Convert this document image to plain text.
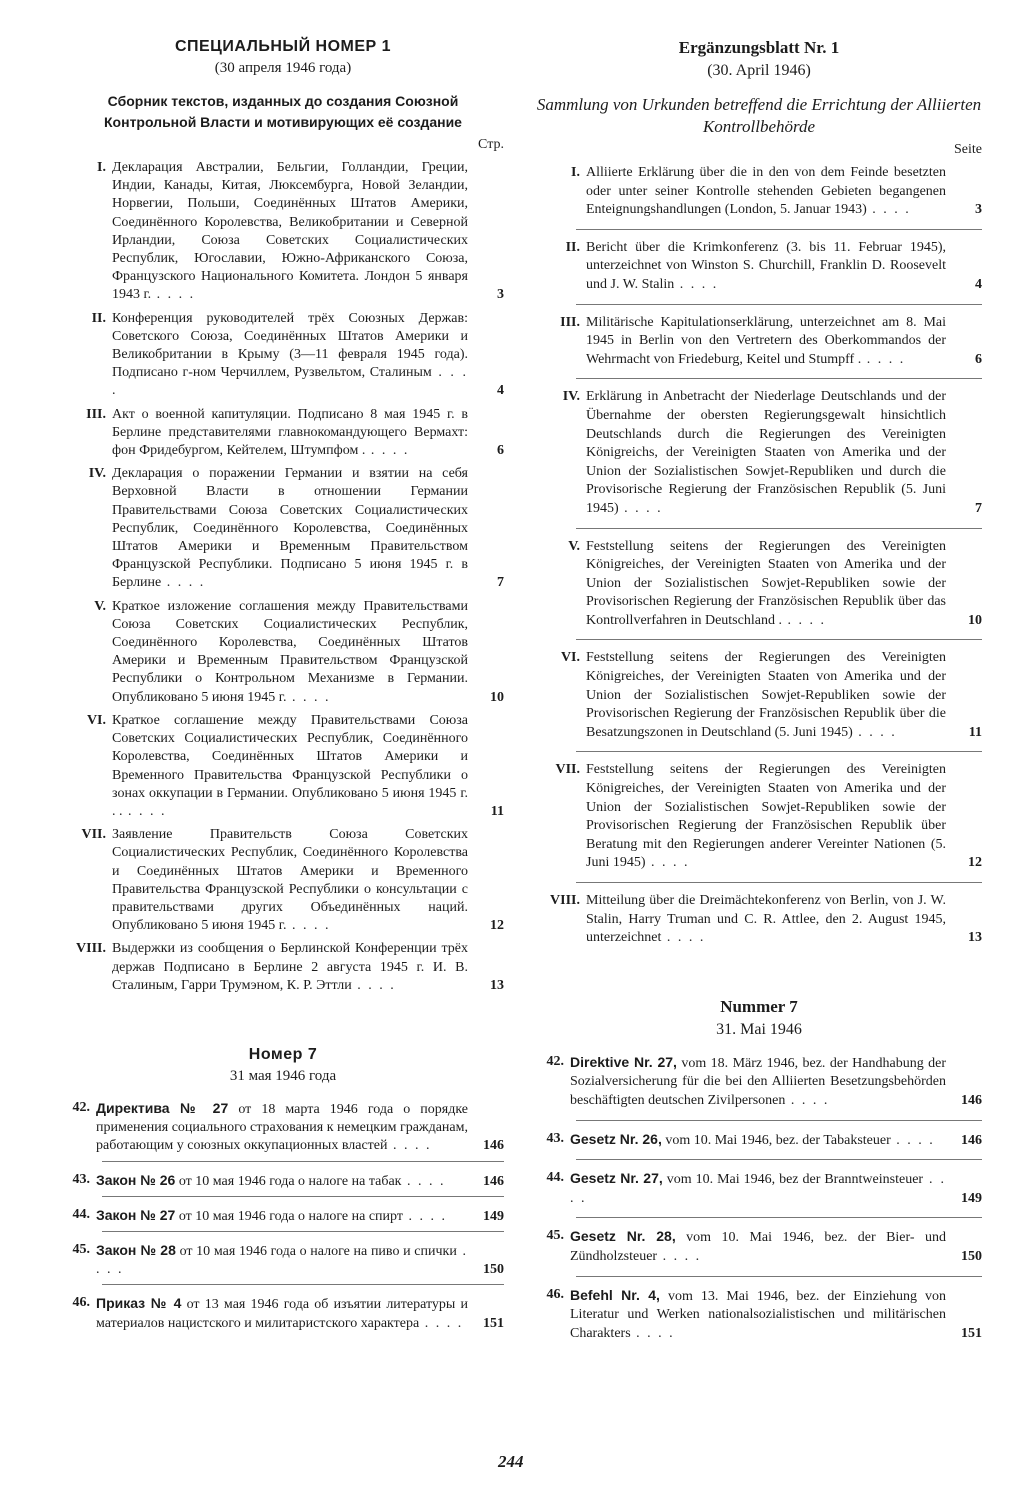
СПЕЦИАЛЬНЫЙ НОМЕР 1
(30 апреля 1946 года)
Сборник текстов, изданных до создания Союзной Контрольной Власти и мотивирующих её создание
Стр.
I. Декларация Австралии, Бельгии, Голландии, Греции, Индии, Канады, Китая, Люксембурга, Новой Зеландии, Норвегии, Польши, Соединённых Штатов Америки, Соединённого Королевства, Великобритании и Северной Ирландии, Союза Советских Социалистических Республик, Югославии, Южно-Африканского Союза, Французского Национального Комитета. Лондон 5 января 1943 г. . . . .	3
II. Конференция руководителей трёх Союзных Держав: Советского Союза, Соединённых Штатов Америки и Великобритании в Крыму (3—11 февраля 1945 года). Подписано г-ном Черчиллем, Рузвельтом, Сталиным . . . .	4
III. Акт о военной капитуляции. Подписано 8 мая 1945 г. в Берлине представителями главнокомандующего Вермахт: фон Фридебургом, Кейтелем, Штумпфом . . . . .	6
IV. Декларация о поражении Германии и взятии на себя Верховной Власти в отношении Германии Правительствами Союза Советских Социалистических Республик, Соединённого Королевства, Соединённых Штатов Америки и Временным Правительством Французской Республики. Подписано 5 июня 1945 г. в Берлине . . . .	7
V. Краткое изложение соглашения между Правительствами Союза Советских Социалистических Республик, Соединённого Королевства, Соединённых Штатов Америки и Временным Правительством Французской Республики о Контрольном Механизме в Германии. Опубликовано 5 июня 1945 г. . . . .	10
VI. Краткое соглашение между Правительствами Союза Советских Социалистических Республик, Соединённого Королевства, Соединённых Штатов Америки и Временного Правительства Французской Республики о зонах оккупации в Германии. Опубликовано 5 июня 1945 г. . . . . . .	11
VII. Заявление Правительств Союза Советских Социалистических Республик, Соединённого Королевства и Соединённых Штатов Америки и Временного Правительства Французской Республики о консультации с правительствами других Объединённых наций. Опубликовано 5 июня 1945 г. . . . .	12
VIII. Выдержки из сообщения о Берлинской Конференции трёх держав Подписано в Берлине 2 августа 1945 г. И. В. Сталиным, Гарри Трумэном, К. Р. Эттли . . . .	13
Номер 7
31 мая 1946 года
42. Директива № 27 от 18 марта 1946 года о порядке применения социального страхования к немецким гражданам, работающим у союзных оккупационных властей . . . .	146
43. Закон № 26 от 10 мая 1946 года о налоге на табак . . . .	146
44. Закон № 27 от 10 мая 1946 года о налоге на спирт . . . .	149
45. Закон № 28 от 10 мая 1946 года о налоге на пиво и спички . . . .	150
46. Приказ № 4 от 13 мая 1946 года об изъятии литературы и материалов нацистского и милитаристского характера . . . .	151
Ergänzungsblatt Nr. 1
(30. April 1946)
Sammlung von Urkunden betreffend die Errichtung der Alliierten Kontrollbehörde
Seite
I. Alliierte Erklärung über die in den von dem Feinde besetzten oder unter seiner Kontrolle stehenden Gebieten begangenen Enteignungshandlungen (London, 5. Januar 1943) . . . .	3
II. Bericht über die Krimkonferenz (3. bis 11. Februar 1945), unterzeichnet von Winston S. Churchill, Franklin D. Roosevelt und J. W. Stalin . . . .	4
III. Militärische Kapitulationserklärung, unterzeichnet am 8. Mai 1945 in Berlin von den Vertretern des Oberkommandos der Wehrmacht von Friedeburg, Keitel und Stumpff . . . . .	6
IV. Erklärung in Anbetracht der Niederlage Deutschlands und der Übernahme der obersten Regierungsgewalt hinsichtlich Deutschlands durch die Regierungen des Vereinigten Königreichs, der Vereinigten Staaten von Amerika und der Union der Sozialistischen Sowjet-Republiken und durch die Provisorische Regierung der Französischen Republik (5. Juni 1945) . . . .	7
V. Feststellung seitens der Regierungen des Vereinigten Königreiches, der Vereinigten Staaten von Amerika und der Union der Sozialistischen Sowjet-Republiken sowie der Provisorischen Regierung der Französischen Republik über das Kontrollverfahren in Deutschland . . . . .	10
VI. Feststellung seitens der Regierungen des Vereinigten Königreiches, der Vereinigten Staaten von Amerika und der Union der Sozialistischen Sowjet-Republiken sowie der Provisorischen Regierung der Französischen Republik über die Besatzungszonen in Deutschland (5. Juni 1945) . . . .	11
VII. Feststellung seitens der Regierungen des Vereinigten Königreiches, der Vereinigten Staaten von Amerika und der Union der Sozialistischen Sowjet-Republiken sowie der Provisorischen Regierung der Französischen Republik über Beratung mit den Regierungen anderer Vereinter Nationen (5. Juni 1945) . . . .	12
VIII. Mitteilung über die Dreimächtekonferenz von Berlin, von J. W. Stalin, Harry Truman und C. R. Attlee, den 2. August 1945, unterzeichnet . . . .	13
Nummer 7
31. Mai 1946
42. Direktive Nr. 27, vom 18. März 1946, bez. der Handhabung der Sozialversicherung für die bei den Alliierten Besetzungsbehörden beschäftigten deutschen Zivilpersonen . . . .	146
43. Gesetz Nr. 26, vom 10. Mai 1946, bez. der Tabaksteuer . . . .	146
44. Gesetz Nr. 27, vom 10. Mai 1946, bez der Branntweinsteuer . . . .	149
45. Gesetz Nr. 28, vom 10. Mai 1946, bez. der Bier- und Zündholzsteuer . . . .	150
46. Befehl Nr. 4, vom 13. Mai 1946, bez. der Einziehung von Literatur und Werken nationalsozialistischen und militärischen Charakters . . . .	151
244
